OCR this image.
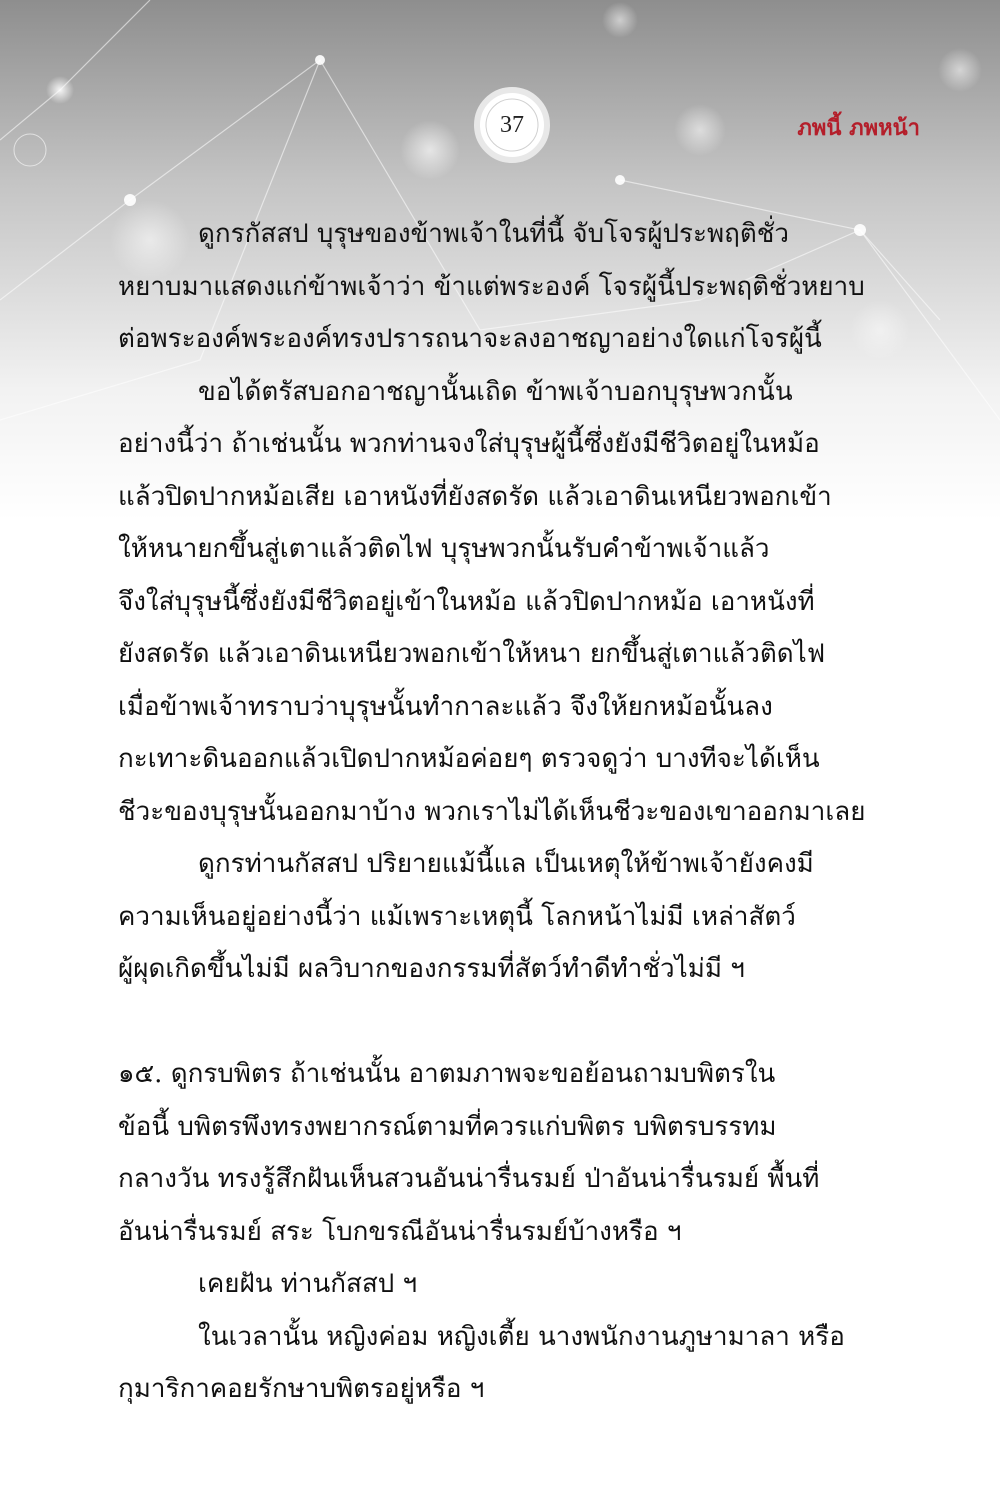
37	ภพนี้ ภพหน้า
ดูกรกัสสป บุรุษของข้าพเจ้าในที่นี้ จับโจรผู้ประพฤติชั่ว
หยาบมาแสดงแก่ข้าพเจ้าว่า ข้าแต่พระองค์ โจรผู้นี้ประพฤติชั่วหยาบ
ต่อพระองค์พระองค์ทรงปรารถนาจะลงอาชญาอย่างใดแก่โจรผู้นี้
ขอได้ตรัสบอกอาชญานั้นเถิด ข้าพเจ้าบอกบุรุษพวกนั้น
อย่างนี้ว่า ถ้าเช่นนั้น พวกท่านจงใส่บุรุษผู้นี้ซึ่งยังมีชีวิตอยู่ในหม้อ
แล้วปิดปากหม้อเสีย เอาหนังที่ยังสดรัด แล้วเอาดินเหนียวพอกเข้า
ให้หนายกขึ้นสู่เตาแล้วติดไฟ บุรุษพวกนั้นรับคำข้าพเจ้าแล้ว
จึงใส่บุรุษนี้ซึ่งยังมีชีวิตอยู่เข้าในหม้อ แล้วปิดปากหม้อ เอาหนังที่
ยังสดรัด แล้วเอาดินเหนียวพอกเข้าให้หนา ยกขึ้นสู่เตาแล้วติดไฟ
เมื่อข้าพเจ้าทราบว่าบุรุษนั้นทำกาละแล้ว จึงให้ยกหม้อนั้นลง
กะเทาะดินออกแล้วเปิดปากหม้อค่อยๆ ตรวจดูว่า บางทีจะได้เห็น
ชีวะของบุรุษนั้นออกมาบ้าง พวกเราไม่ได้เห็นชีวะของเขาออกมาเลย
ดูกรท่านกัสสป ปริยายแม้นี้แล เป็นเหตุให้ข้าพเจ้ายังคงมี
ความเห็นอยู่อย่างนี้ว่า แม้เพราะเหตุนี้ โลกหน้าไม่มี เหล่าสัตว์
ผู้ผุดเกิดขึ้นไม่มี ผลวิบากของกรรมที่สัตว์ทำดีทำชั่วไม่มี ฯ
๑๕. ดูกรบพิตร ถ้าเช่นนั้น อาตมภาพจะขอย้อนถามบพิตรใน
ข้อนี้ บพิตรพึงทรงพยากรณ์ตามที่ควรแก่บพิตร บพิตรบรรทม
กลางวัน ทรงรู้สึกฝันเห็นสวนอันน่ารื่นรมย์ ป่าอันน่ารื่นรมย์ พื้นที่
อันน่ารื่นรมย์ สระ โบกขรณีอันน่ารื่นรมย์บ้างหรือ ฯ
เคยฝัน ท่านกัสสป ฯ
ในเวลานั้น หญิงค่อม หญิงเตี้ย นางพนักงานภูษามาลา หรือ
กุมาริกาคอยรักษาบพิตรอยู่หรือ ฯ
